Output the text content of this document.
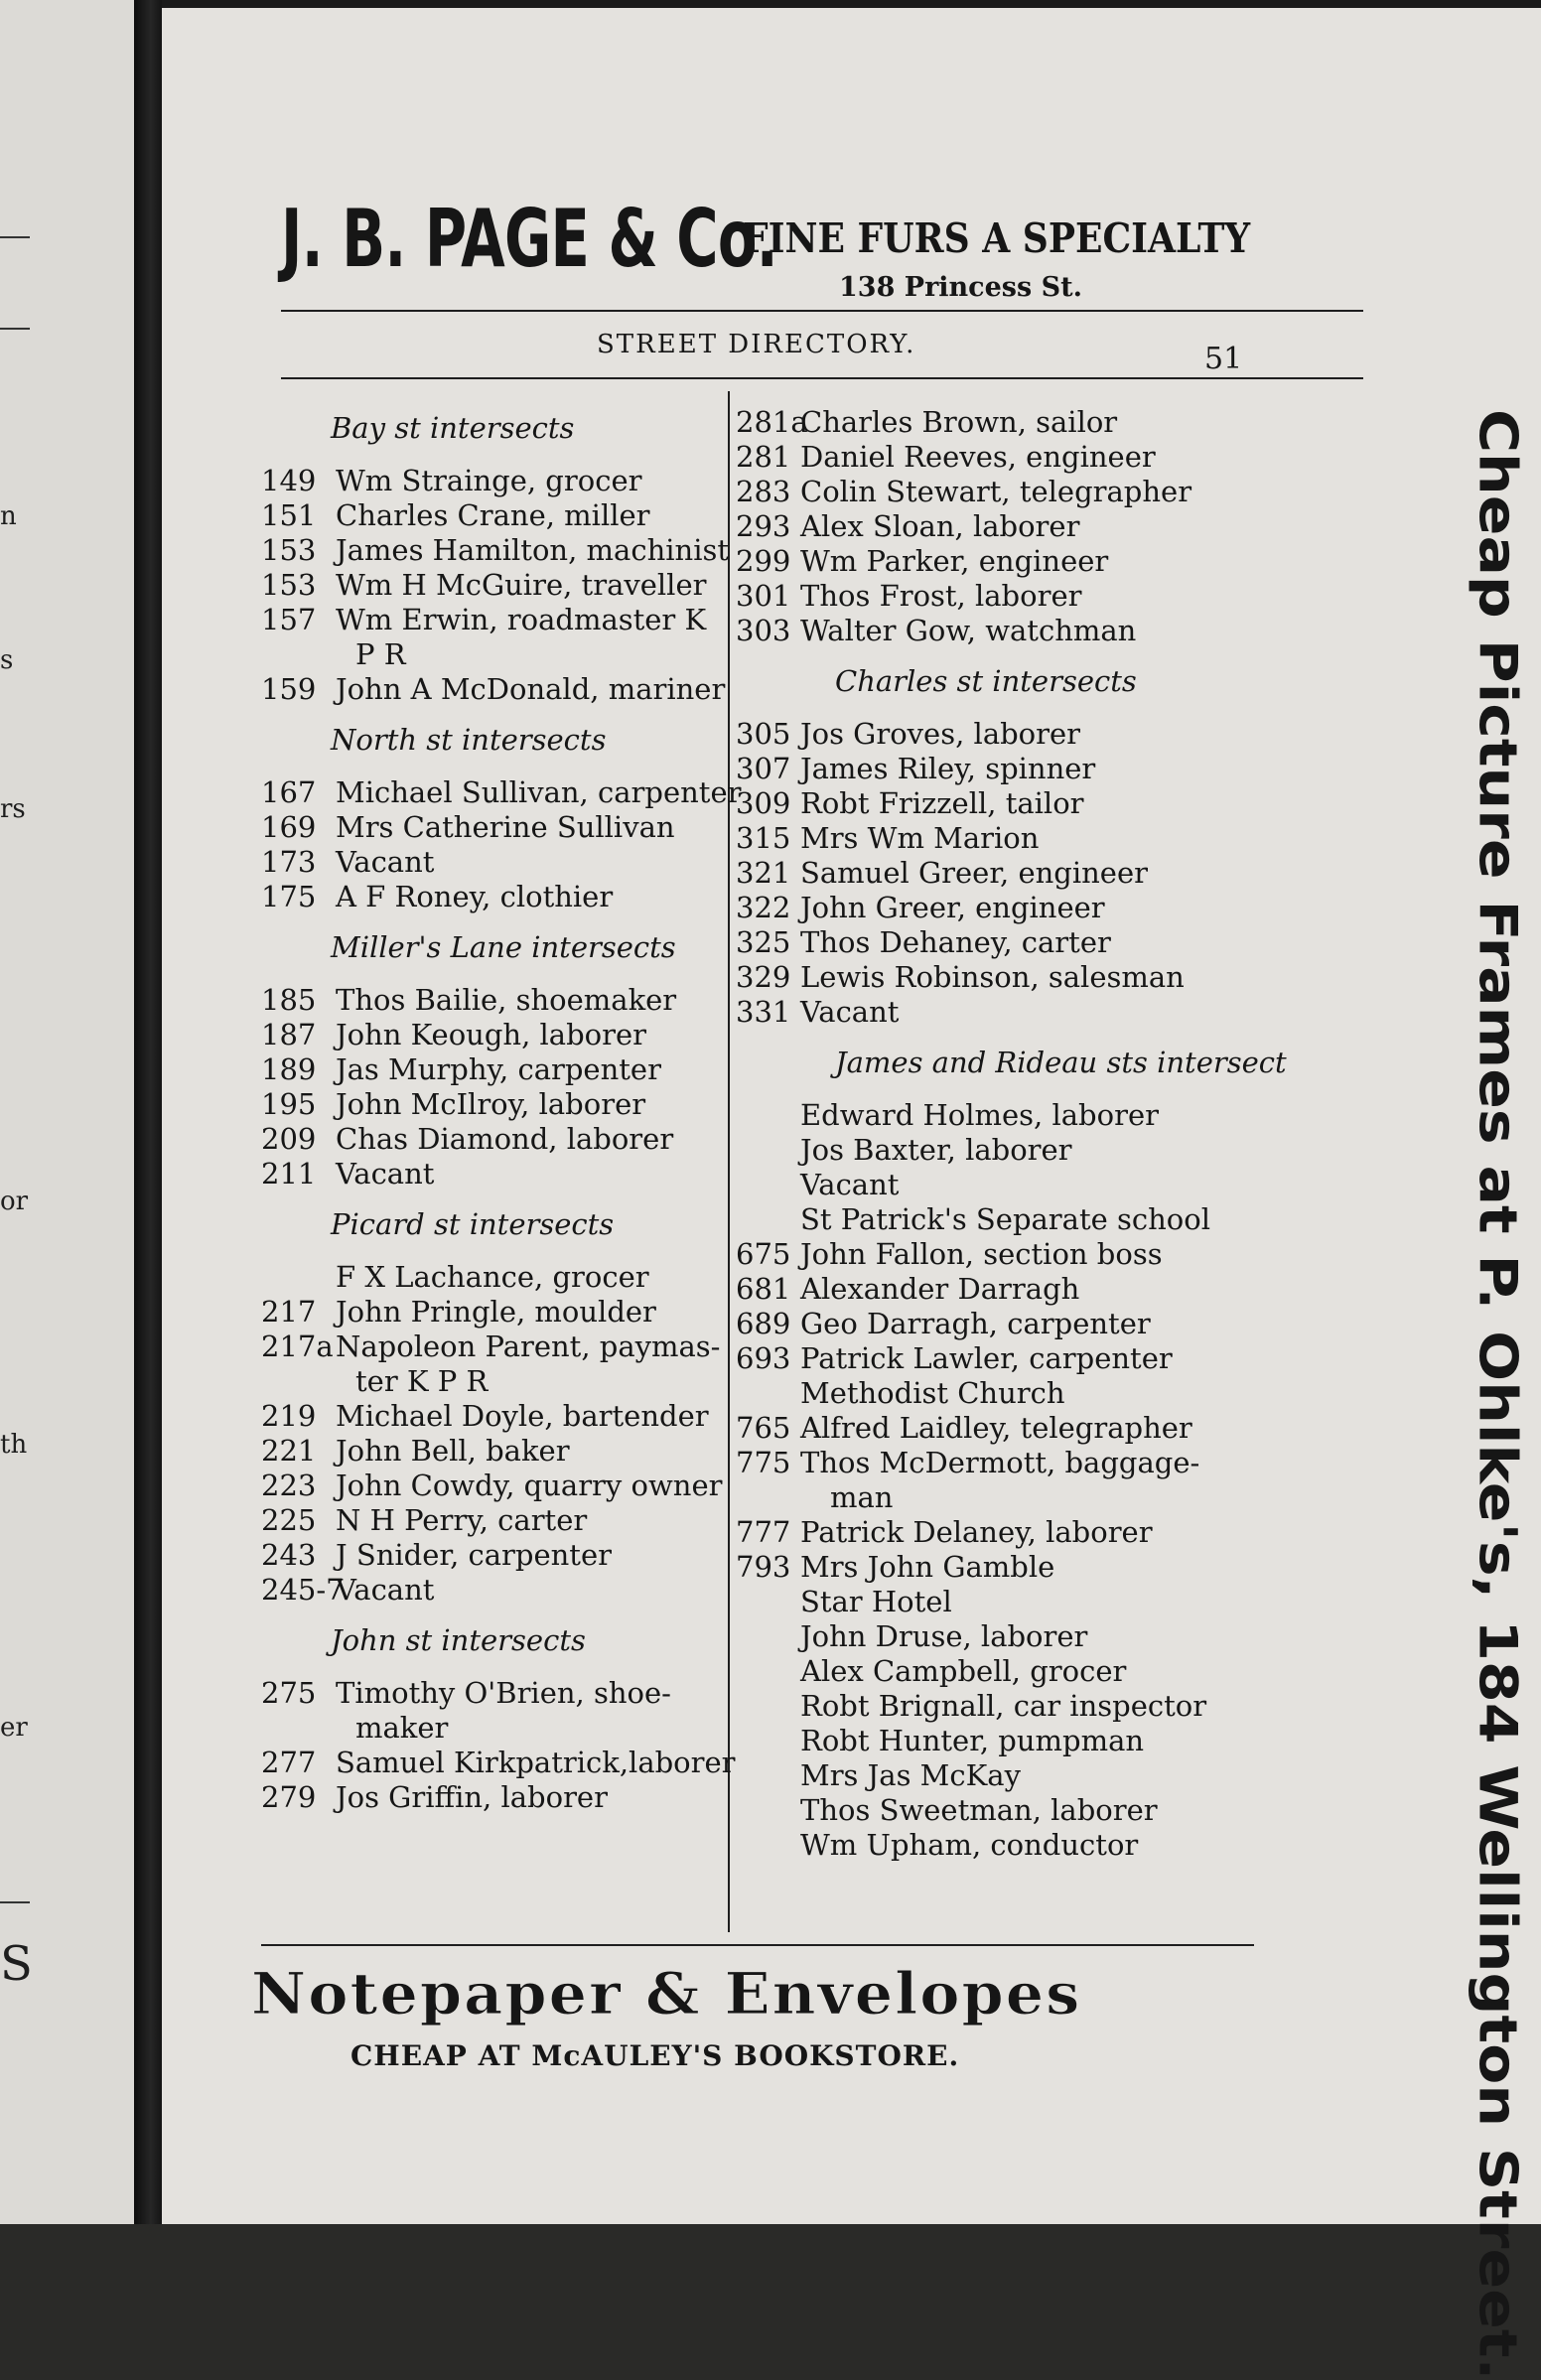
n
s
rs
or
th
er
S
J. B. PAGE & Co.
FINE FURS A SPECIALTY
138 Princess St.
STREET DIRECTORY.	51
Bay st intersects
149 Wm Straingе, grocer
151 Charles Crane, miller
153 James Hamilton, machinist
153 Wm H McGuire, traveller
157 Wm Erwin, roadmaster K
P R
159 John A McDonald, mariner
North st intersects
167 Michael Sullivan, carpenter
169 Mrs Catherine Sullivan
173 Vacant
175 A F Roney, clothier
Miller's Lane intersects
185 Thos Bailie, shoemaker
187 John Keough, laborer
189 Jas Murphy, carpenter
195 John McIlroy, laborer
209 Chas Diamond, laborer
211 Vacant
Picard st intersects
F X Lachance, grocer
217 John Pringle, moulder
217aNapoleon Parent, paymas-
ter K P R
219 Michael Doyle, bartender
221 John Bell, baker
223 John Cowdy, quarry owner
225 N H Perry, carter
243 J Snider, carpenter
245-7Vacant
John st intersects
275 Timothy O'Brien, shoe-
maker
277 Samuel Kirkpatrick,laborer
279 Jos Griffin, laborer
281aCharles Brown, sailor
281 Daniel Reeves, engineer
283 Colin Stewart, telegrapher
293 Alex Sloan, laborer
299 Wm Parker, engineer
301 Thos Frost, laborer
303 Walter Gow, watchman
Charles st intersects
305 Jos Groves, laborer
307 James Riley, spinner
309 Robt Frizzell, tailor
315 Mrs Wm Marion
321 Samuel Greer, engineer
322 John Greer, engineer
325 Thos Dehaney, carter
329 Lewis Robinson, salesman
331 Vacant
James and Rideau sts intersect
Edward Holmes, laborer
Jos Baxter, laborer
Vacant
St Patrick's Separate school
675 John Fallon, section boss
681 Alexander Darragh
689 Geo Darragh, carpenter
693 Patrick Lawler, carpenter
Methodist Church
765 Alfred Laidley, telegrapher
775 Thos McDermott, baggage-
man
777 Patrick Delaney, laborer
793 Mrs John Gamble
Star Hotel
John Druse, laborer
Alex Campbell, grocer
Robt Brignall, car inspector
Robt Hunter, pumpman
Mrs Jas McKay
Thos Sweetman, laborer
Wm Upham, conductor	Cheap Picture Frames at P. Ohlke's, 184 Wellington Street.
Notepaper & Envelopes
CHEAP AT McAULEY'S BOOKSTORE.
